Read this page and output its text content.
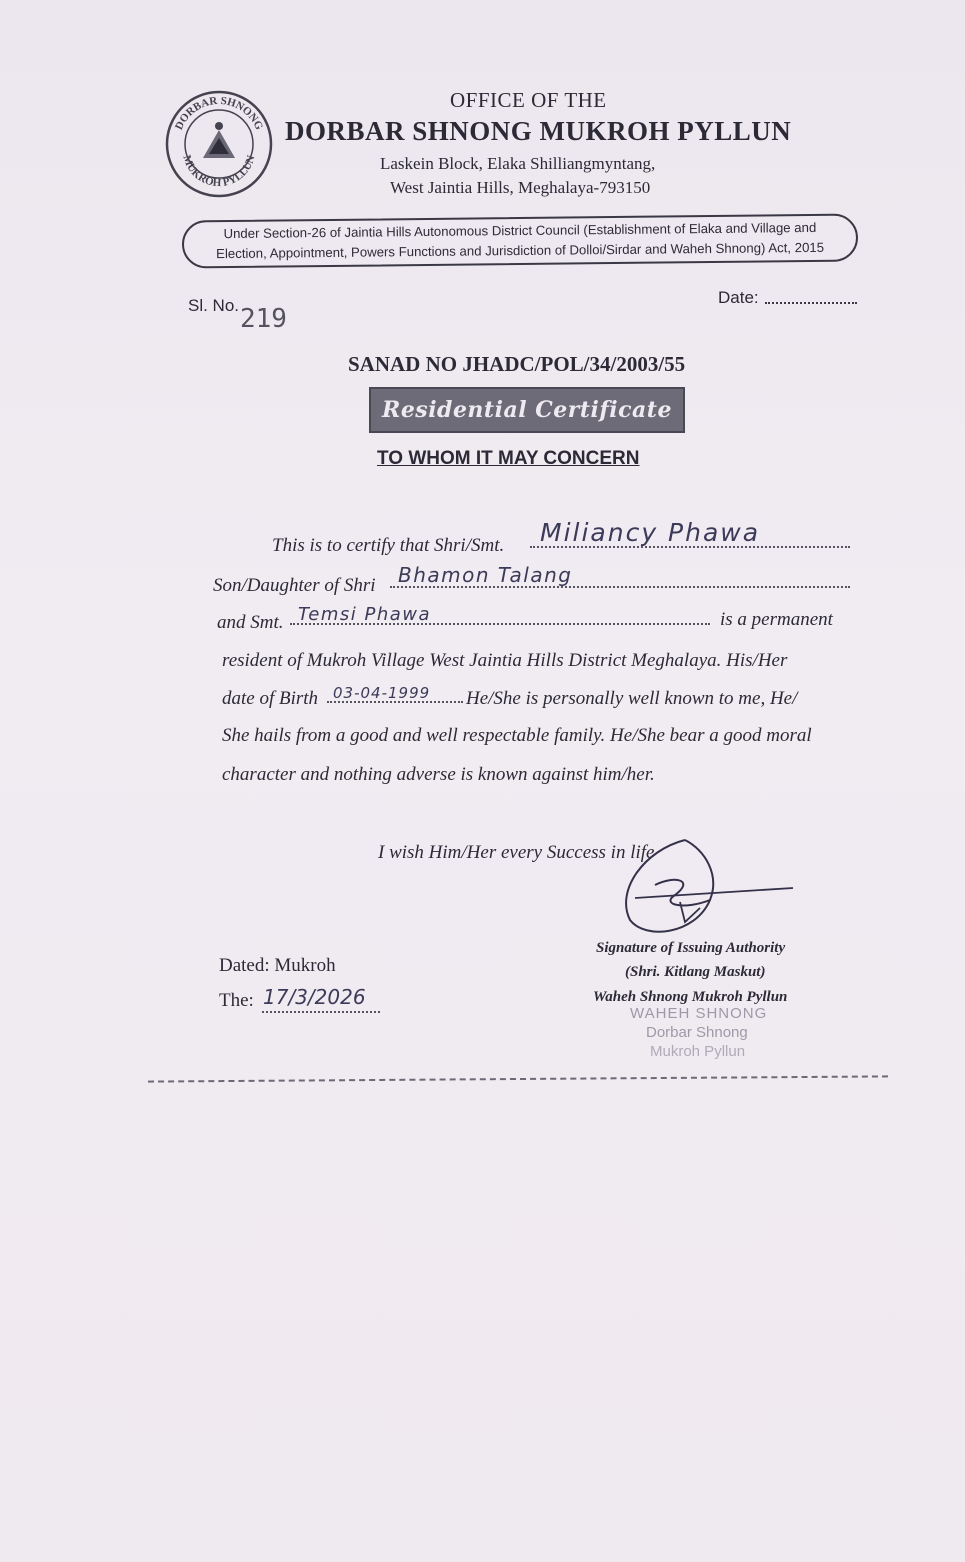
DORBAR SHNONG
MUKROH PYLLUN
OFFICE OF THE
DORBAR SHNONG MUKROH PYLLUN
Laskein Block, Elaka Shilliangmyntang,
West Jaintia Hills, Meghalaya-793150
Under Section-26 of Jaintia Hills Autonomous District Council (Establishment of Elaka and Village and
Election, Appointment, Powers Functions and Jurisdiction of Dolloi/Sirdar and Waheh Shnong) Act, 2015
Sl. No. 219
Date:
SANAD NO JHADC/POL/34/2003/55
Residential Certificate
TO WHOM IT MAY CONCERN
This is to certify that Shri/Smt. Miliancy Phawa
Son/Daughter of Shri Bhamon Talang
and Smt. Temsi Phawa	is a permanent
resident of Mukroh Village West Jaintia Hills District Meghalaya. His/Her
date of Birth 03-04-1999 He/She is personally well known to me, He/
She hails from a good and well respectable family. He/She bear a good moral
character and nothing adverse is known against him/her.
I wish Him/Her every Success in life
Signature of Issuing Authority
(Shri. Kitlang Maskut)
Waheh Shnong Mukroh Pyllun
WAHEH SHNONG
Dorbar Shnong
Mukroh Pyllun
Dated: Mukroh
The: 17/3/2026
